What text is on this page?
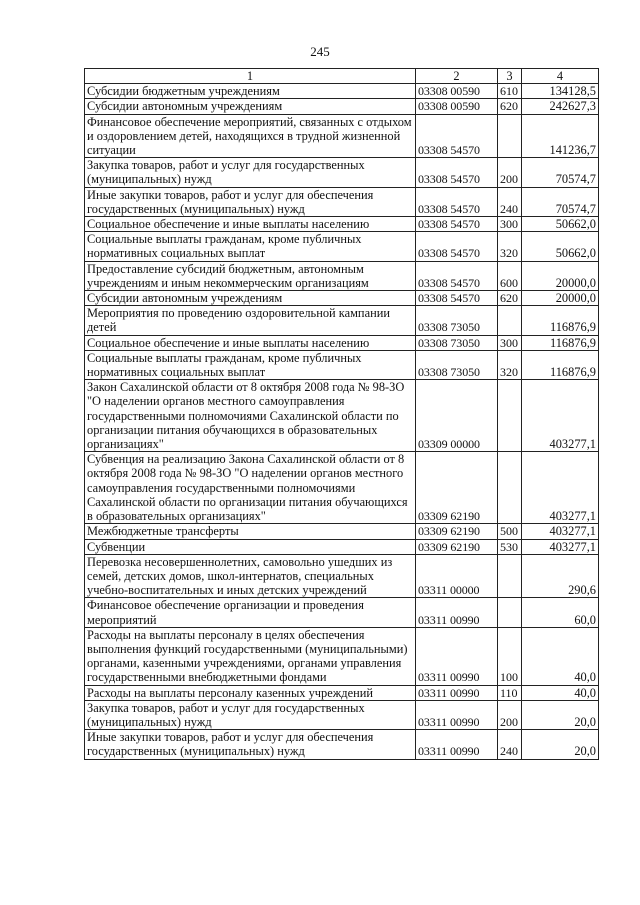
245
1	2	3	4
Субсидии бюджетным учреждениям	03308 00590	610	134128,5
Субсидии автономным учреждениям	03308 00590	620	242627,3
Финансовое обеспечение мероприятий, связанных с отдыхом и оздоровлением детей, находящихся в трудной жизненной ситуации	03308 54570		141236,7
Закупка товаров, работ и услуг для государственных (муниципальных) нужд	03308 54570	200	70574,7
Иные закупки товаров, работ и услуг для обеспечения государственных (муниципальных) нужд	03308 54570	240	70574,7
Социальное обеспечение и иные выплаты населению	03308 54570	300	50662,0
Социальные выплаты гражданам, кроме публичных нормативных социальных выплат	03308 54570	320	50662,0
Предоставление субсидий бюджетным, автономным учреждениям и иным некоммерческим организациям	03308 54570	600	20000,0
Субсидии автономным учреждениям	03308 54570	620	20000,0
Мероприятия по проведению оздоровительной кампании детей	03308 73050		116876,9
Социальное обеспечение и иные выплаты населению	03308 73050	300	116876,9
Социальные выплаты гражданам, кроме публичных нормативных социальных выплат	03308 73050	320	116876,9
Закон Сахалинской области от 8 октября 2008 года № 98-ЗО "О наделении органов местного самоуправления государственными полномочиями Сахалинской области по организации питания обучающихся в образовательных организациях"	03309 00000		403277,1
Субвенция на реализацию Закона Сахалинской области от 8 октября 2008 года № 98-ЗО "О наделении органов местного самоуправления государственными полномочиями Сахалинской области по организации питания обучающихся в образовательных организациях"	03309 62190		403277,1
Межбюджетные трансферты	03309 62190	500	403277,1
Субвенции	03309 62190	530	403277,1
Перевозка несовершеннолетних, самовольно ушедших из семей, детских домов, школ-интернатов, специальных учебно-воспитательных и иных детских учреждений	03311 00000		290,6
Финансовое обеспечение организации и проведения мероприятий	03311 00990		60,0
Расходы на выплаты персоналу в целях обеспечения выполнения функций государственными (муниципальными) органами, казенными учреждениями, органами управления государственными внебюджетными фондами	03311 00990	100	40,0
Расходы на выплаты персоналу казенных учреждений	03311 00990	110	40,0
Закупка товаров, работ и услуг для государственных (муниципальных) нужд	03311 00990	200	20,0
Иные закупки товаров, работ и услуг для обеспечения государственных (муниципальных) нужд	03311 00990	240	20,0
